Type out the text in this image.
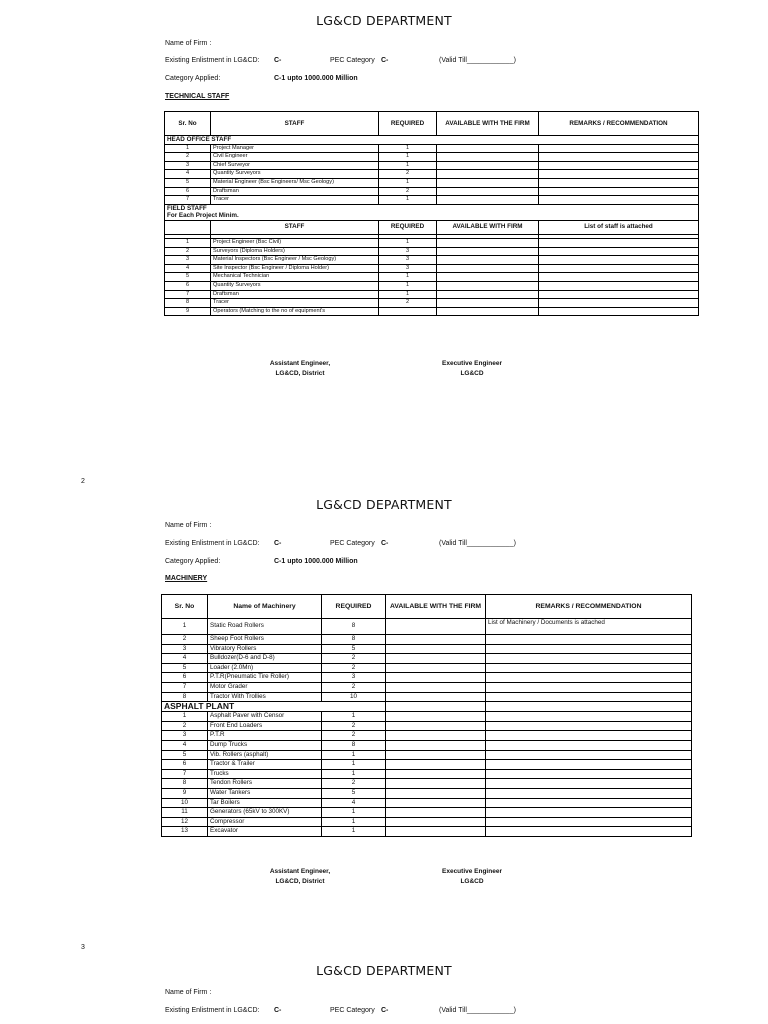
LG&CD DEPARTMENT
Name of Firm :
Existing Enlistment in LG&CD: C-	PEC Category C-	(Valid Till____________)
Category Applied:	C-1 upto 1000.000 Million
TECHNICAL STAFF
Sr. No	STAFF	REQUIRED	AVAILABLE WITH THE FIRM	REMARKS / RECOMMENDATION
HEAD OFFICE STAFF				
1	Project Manager	1		
2	Civil Engineer	1		
3	Chief Surveyor	1		
4	Quantity Surveyors	2		
5	Material Engineer (Bsc Engineers/ Msc Geology)	1		
6	Draftsman	2		
7	Tracer	1		
FIELD STAFF				
For Each Project Minim.				
	STAFF	REQUIRED	AVAILABLE WITH FIRM	List of staff is attached

1	Project Engineer (Bsc Civil)	1		
2	Surveyors (Diploma Holders)	3		
3	Material Inspectors (Bsc Engineer / Msc Geology)	3		
4	Site Inspector (Bsc Engineer / Diploma Holder)	3		
5	Mechanical Technician	1		
6	Quantity Surveyors	1		
7	Draftsman	1		
8	Tracer	2		
9	Operators (Matching to the no of equipment's			
Assistant Engineer,
LG&CD, District
Executive Engineer
LG&CD
2
LG&CD DEPARTMENT
Name of Firm :
Existing Enlistment in LG&CD: C-	PEC Category C-	(Valid Till____________)
Category Applied:	C-1 upto 1000.000 Million
MACHINERY
Sr. No	Name of Machinery	REQUIRED	AVAILABLE WITH THE FIRM	REMARKS / RECOMMENDATION
1	Static Road Rollers	8		List of Machinery / Documents is attached
2	Sheep Foot Rollers	8		
3	Vibratory Rollers	5		
4	Bulldozer(D-6 and D-8)	2		
5	Loader (2.0Mn)	2		
6	P.T.R(Pneumatic Tire Roller)	3		
7	Motor Grader	2		
8	Tractor With Trollies	10		
ASPHALT PLANT				
1	Asphalt Paver with Censor	1		
2	Front End Loaders	2		
3	P.T.R	2		
4	Dump Trucks	8		
5	Vib. Rollers (asphalt)	1		
6	Tractor & Trailer	1		
7	Trucks	1		
8	Tendon Rollers	2		
9	Water Tankers	5		
10	Tar Boilers	4		
11	Generators (65kV to 300KV)	1		
12	Compressor	1		
13	Excavator	1		
Assistant Engineer,
LG&CD, District
Executive Engineer
LG&CD
3
LG&CD DEPARTMENT
Name of Firm :
Existing Enlistment in LG&CD: C-	PEC Category C-	(Valid Till____________)
